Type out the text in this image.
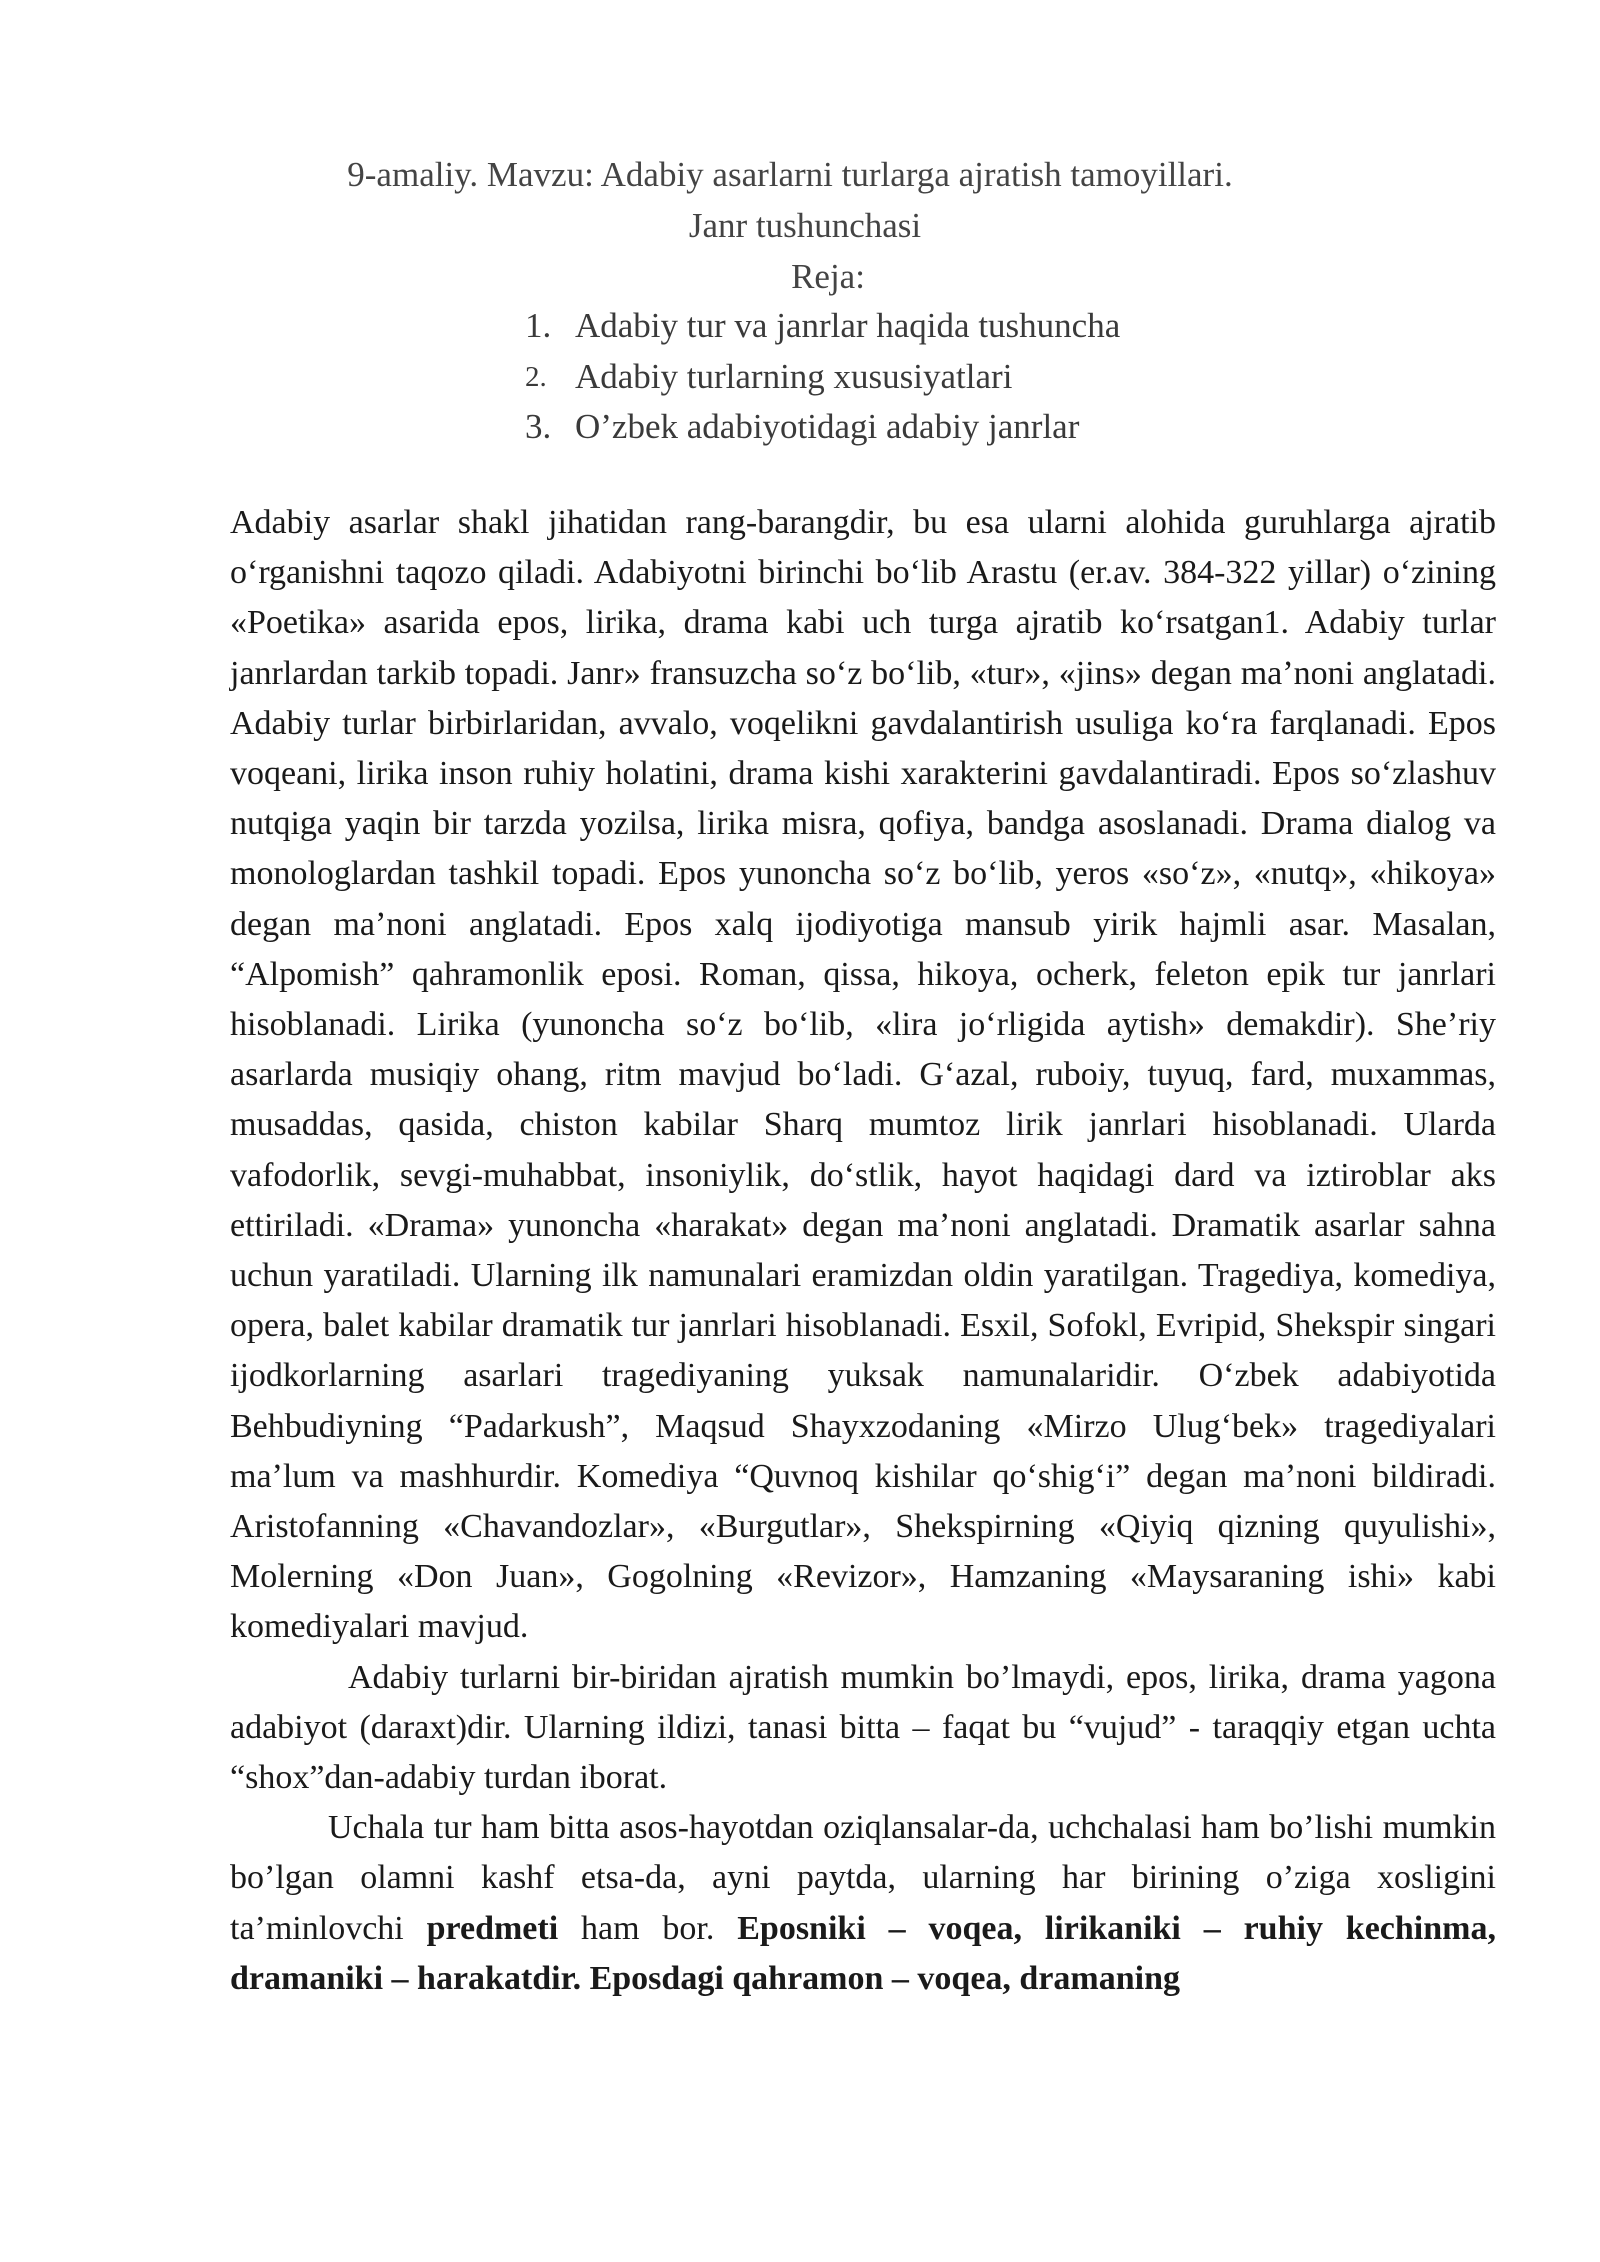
9-amaliy. Mavzu: Adabiy asarlarni turlarga ajratish tamoyillari.
Janr tushunchasi
Reja:
1. Adabiy tur va janrlar haqida tushuncha
2. Adabiy turlarning xususiyatlari
3. O’zbek adabiyotidagi adabiy janrlar

Adabiy asarlar shakl jihatidan rang-barangdir, bu esa ularni alohida guruhlarga ajratib oʻrganishni taqozo qiladi. Adabiyotni birinchi boʻlib Arastu (er.av. 384-322 yillar) oʻzining «Poetika» asarida epos, lirika, drama kabi uch turga ajratib koʻrsatgan1. Adabiy turlar janrlardan tarkib topadi. Janr» fransuzcha soʻz boʻlib, «tur», «jins» degan maʼnoni anglatadi. Adabiy turlar birbirlaridan, avvalo, voqelikni gavdalantirish usuliga koʻra farqlanadi. Epos voqeani, lirika inson ruhiy holatini, drama kishi xarakterini gavdalantiradi. Epos soʻzlashuv nutqiga yaqin bir tarzda yozilsa, lirika misra, qofiya, bandga asoslanadi. Drama dialog va monologlardan tashkil topadi. Epos yunoncha soʻz boʻlib, yeros «soʻz», «nutq», «hikoya» degan maʼnoni anglatadi. Epos xalq ijodiyotiga mansub yirik hajmli asar. Masalan, “Alpomish” qahramonlik eposi. Roman, qissa, hikoya, ocherk, feleton epik tur janrlari hisoblanadi. Lirika (yunoncha soʻz boʻlib, «lira joʻrligida aytish» demakdir). She’riy asarlarda musiqiy ohang, ritm mavjud boʻladi. Gʻazal, ruboiy, tuyuq, fard, muxammas, musaddas, qasida, chiston kabilar Sharq mumtoz lirik janrlari hisoblanadi. Ularda vafodorlik, sevgi-muhabbat, insoniylik, doʻstlik, hayot haqidagi dard va iztiroblar aks ettiriladi. «Drama» yunoncha «harakat» degan maʼnoni anglatadi. Dramatik asarlar sahna uchun yaratiladi. Ularning ilk namunalari eramizdan oldin yaratilgan. Tragediya, komediya, opera, balet kabilar dramatik tur janrlari hisoblanadi. Esxil, Sofokl, Evripid, Shekspir singari ijodkorlarning asarlari tragediyaning yuksak namunalaridir. Oʻzbek adabiyotida Behbudiyning “Padarkush”, Maqsud Shayxzodaning «Mirzo Ulugʻbek» tragediyalari maʼlum va mashhurdir. Komediya “Quvnoq kishilar qoʻshigʻi” degan maʼnoni bildiradi. Aristofanning «Chavandozlar», «Burgutlar», Shekspirning «Qiyiq qizning quyulishi», Molerning «Don Juan», Gogolning «Revizor», Hamzaning «Maysaraning ishi» kabi komediyalari mavjud.

Adabiy turlarni bir-biridan ajratish mumkin bo’lmaydi, epos, lirika, drama yagona adabiyot (daraxt)dir. Ularning ildizi, tanasi bitta – faqat bu “vujud” - taraqqiy etgan uchta “shox”dan-adabiy turdan iborat.

Uchala tur ham bitta asos-hayotdan oziqlansalar-da, uchchalasi ham bo’lishi mumkin bo’lgan olamni kashf etsa-da, ayni paytda, ularning har birining o’ziga xosligini ta’minlovchi predmeti ham bor. Eposniki – voqea, lirikaniki – ruhiy kechinma, dramaniki – harakatdir. Eposdagi qahramon – voqea, dramaning
